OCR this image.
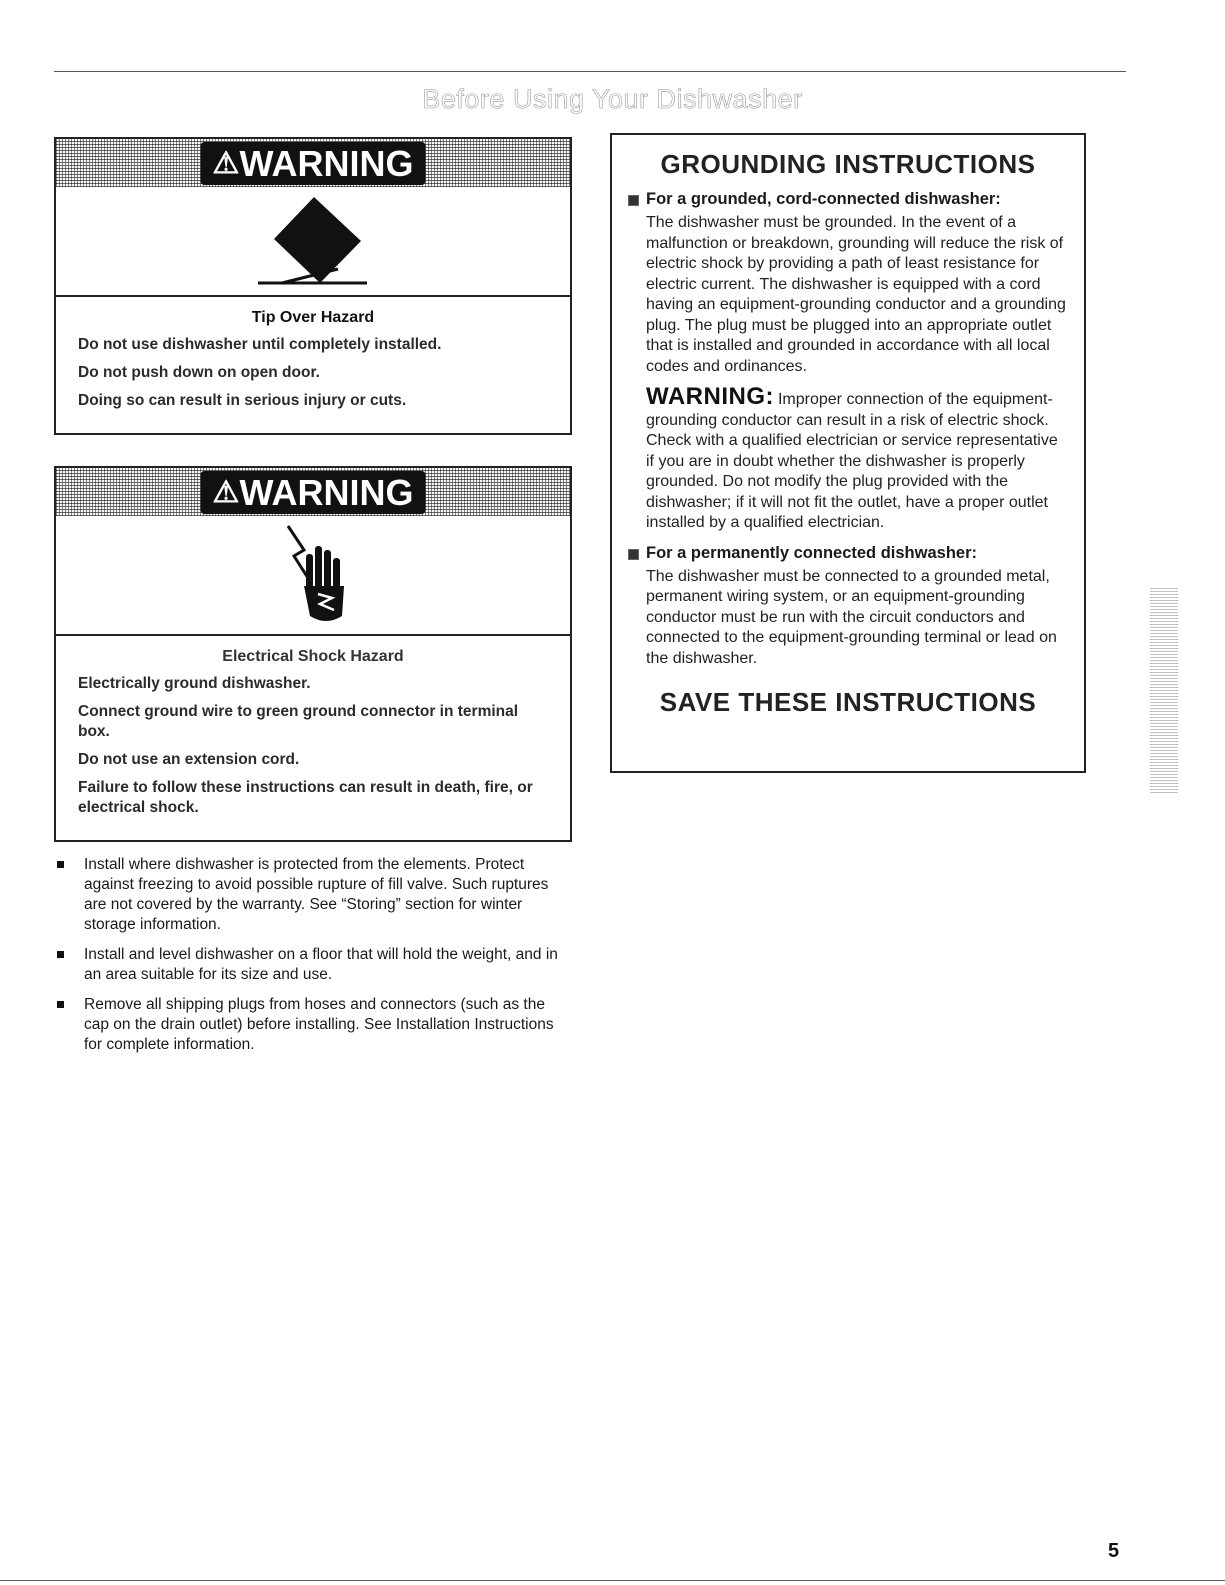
Before Using Your Dishwasher
⚠WARNING
Tip Over Hazard

Do not use dishwasher until completely installed.

Do not push down on open door.

Doing so can result in serious injury or cuts.

⚠WARNING
Electrical Shock Hazard

Electrically ground dishwasher.

Connect ground wire to green ground connector in terminal box.

Do not use an extension cord.

Failure to follow these instructions can result in death, fire, or electrical shock.

Install where dishwasher is protected from the elements. Protect against freezing to avoid possible rupture of fill valve. Such ruptures are not covered by the warranty. See “Storing” section for winter storage information.
Install and level dishwasher on a floor that will hold the weight, and in an area suitable for its size and use.
Remove all shipping plugs from hoses and connectors (such as the cap on the drain outlet) before installing. See Installation Instructions for complete information.
GROUNDING INSTRUCTIONS
For a grounded, cord-connected dishwasher:
The dishwasher must be grounded. In the event of a malfunction or breakdown, grounding will reduce the risk of electric shock by providing a path of least resistance for electric current. The dishwasher is equipped with a cord having an equipment-grounding conductor and a grounding plug. The plug must be plugged into an appropriate outlet that is installed and grounded in accordance with all local codes and ordinances.
WARNING: Improper connection of the equipment-grounding conductor can result in a risk of electric shock. Check with a qualified electrician or service representative if you are in doubt whether the dishwasher is properly grounded. Do not modify the plug provided with the dishwasher; if it will not fit the outlet, have a proper outlet installed by a qualified electrician.
For a permanently connected dishwasher:
The dishwasher must be connected to a grounded metal, permanent wiring system, or an equipment-grounding conductor must be run with the circuit conductors and connected to the equipment-grounding terminal or lead on the dishwasher.
SAVE THESE INSTRUCTIONS
5
